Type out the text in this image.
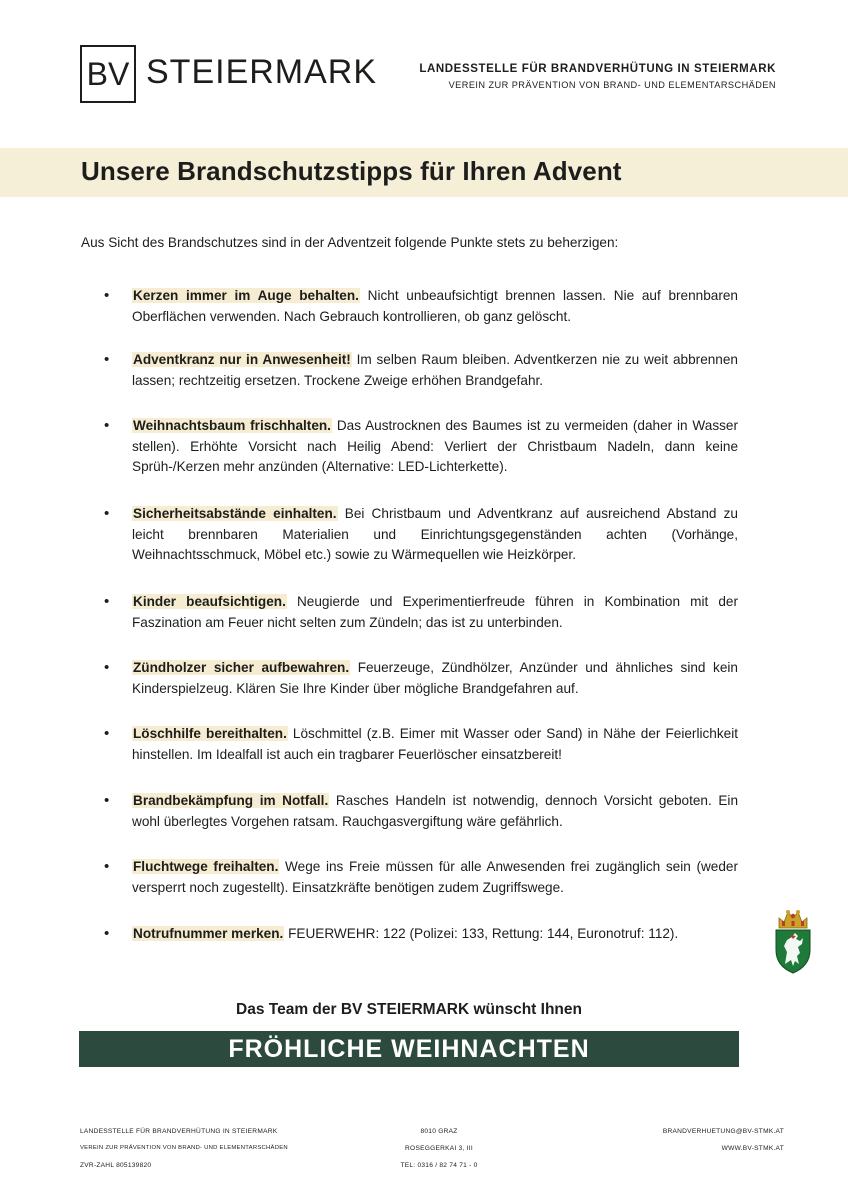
BV STEIERMARK	LANDESSTELLE FÜR BRANDVERHÜTUNG IN STEIERMARK
VEREIN ZUR PRÄVENTION VON BRAND- UND ELEMENTARSCHÄDEN
Unsere Brandschutzstipps für Ihren Advent
Aus Sicht des Brandschutzes sind in der Adventzeit folgende Punkte stets zu beherzigen:
• Kerzen immer im Auge behalten. Nicht unbeaufsichtigt brennen lassen. Nie auf brennbaren Oberflächen verwenden. Nach Gebrauch kontrollieren, ob ganz gelöscht.
• Adventkranz nur in Anwesenheit! Im selben Raum bleiben. Adventkerzen nie zu weit abbrennen lassen; rechtzeitig ersetzen. Trockene Zweige erhöhen Brandgefahr.
• Weihnachtsbaum frischhalten. Das Austrocknen des Baumes ist zu vermeiden (daher in Wasser stellen). Erhöhte Vorsicht nach Heilig Abend: Verliert der Christbaum Nadeln, dann keine Sprüh-/Kerzen mehr anzünden (Alternative: LED-Lichterkette).
• Sicherheitsabstände einhalten. Bei Christbaum und Adventkranz auf ausreichend Abstand zu leicht brennbaren Materialien und Einrichtungsgegenständen achten (Vorhänge, Weihnachtsschmuck, Möbel etc.) sowie zu Wärmequellen wie Heizkörper.
• Kinder beaufsichtigen. Neugierde und Experimentierfreude führen in Kombination mit der Faszination am Feuer nicht selten zum Zündeln; das ist zu unterbinden.
• Zündholzer sicher aufbewahren. Feuerzeuge, Zündhölzer, Anzünder und ähnliches sind kein Kinderspielzeug. Klären Sie Ihre Kinder über mögliche Brandgefahren auf.
• Löschhilfe bereithalten. Löschmittel (z.B. Eimer mit Wasser oder Sand) in Nähe der Feierlichkeit hinstellen. Im Idealfall ist auch ein tragbarer Feuerlöscher einsatzbereit!
• Brandbekämpfung im Notfall. Rasches Handeln ist notwendig, dennoch Vorsicht geboten. Ein wohl überlegtes Vorgehen ratsam. Rauchgasvergiftung wäre gefährlich.
• Fluchtwege freihalten. Wege ins Freie müssen für alle Anwesenden frei zugänglich sein (weder versperrt noch zugestellt). Einsatzkräfte benötigen zudem Zugriffswege.
• Notrufnummer merken. FEUERWEHR: 122 (Polizei: 133, Rettung: 144, Euronotruf: 112).
Das Team der BV STEIERMARK wünscht Ihnen
FRÖHLICHE WEIHNACHTEN
LANDESSTELLE FÜR BRANDVERHÜTUNG IN STEIERMARK
VEREIN ZUR PRÄVENTION VON BRAND- UND ELEMENTARSCHÄDEN
ZVR-ZAHL 805139820
8010 GRAZ
ROSEGGERKAI 3, III
TEL: 0316 / 82 74 71 - 0
BRANDVERHUETUNG@BV-STMK.AT
WWW.BV-STMK.AT
